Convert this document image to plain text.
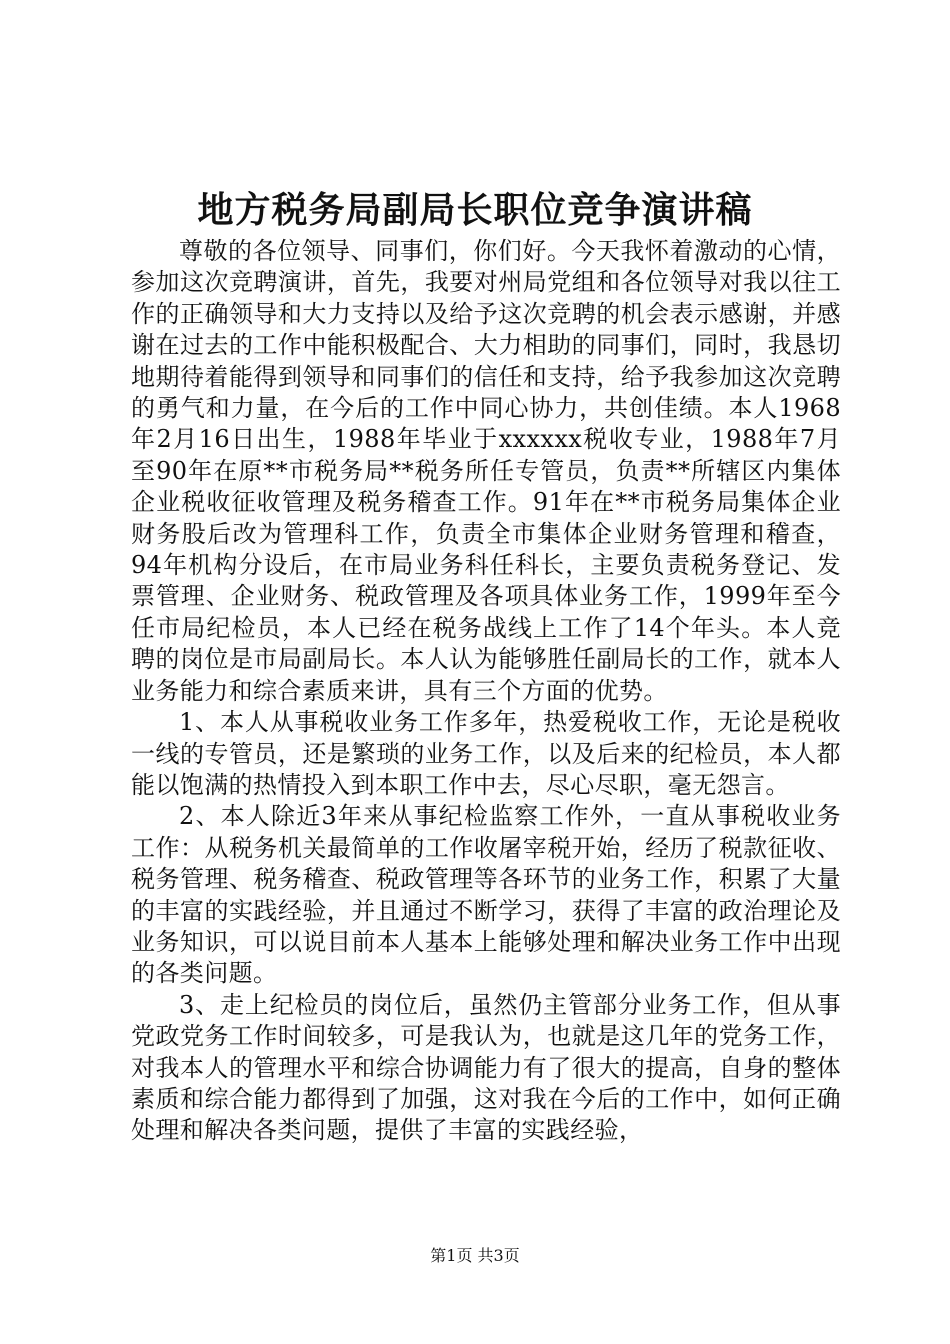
地方税务局副局长职位竞争演讲稿

尊敬的各位领导、同事们，你们好。今天我怀着激动的心情，参加这次竞聘演讲，首先，我要对州局党组和各位领导对我以往工作的正确领导和大力支持以及给予这次竞聘的机会表示感谢，并感谢在过去的工作中能积极配合、大力相助的同事们，同时，我恳切地期待着能得到领导和同事们的信任和支持，给予我参加这次竞聘的勇气和力量，在今后的工作中同心协力，共创佳绩。本人1968年2月16日出生，1988年毕业于xxxxxx税收专业，1988年7月至90年在原**市税务局**税务所任专管员，负责**所辖区内集体企业税收征收管理及税务稽查工作。91年在**市税务局集体企业财务股后改为管理科工作，负责全市集体企业财务管理和稽查，94年机构分设后，在市局业务科任科长，主要负责税务登记、发票管理、企业财务、税政管理及各项具体业务工作，1999年至今任市局纪检员，本人已经在税务战线上工作了14个年头。本人竞聘的岗位是市局副局长。本人认为能够胜任副局长的工作，就本人业务能力和综合素质来讲，具有三个方面的优势。

1、本人从事税收业务工作多年，热爱税收工作，无论是税收一线的专管员，还是繁琐的业务工作，以及后来的纪检员，本人都能以饱满的热情投入到本职工作中去，尽心尽职，毫无怨言。

2、本人除近3年来从事纪检监察工作外，一直从事税收业务工作：从税务机关最简单的工作收屠宰税开始，经历了税款征收、税务管理、税务稽查、税政管理等各环节的业务工作，积累了大量的丰富的实践经验，并且通过不断学习，获得了丰富的政治理论及业务知识，可以说目前本人基本上能够处理和解决业务工作中出现的各类问题。

3、走上纪检员的岗位后，虽然仍主管部分业务工作，但从事党政党务工作时间较多，可是我认为，也就是这几年的党务工作，对我本人的管理水平和综合协调能力有了很大的提高，自身的整体素质和综合能力都得到了加强，这对我在今后的工作中，如何正确处理和解决各类问题，提供了丰富的实践经验，

第1页 共3页
